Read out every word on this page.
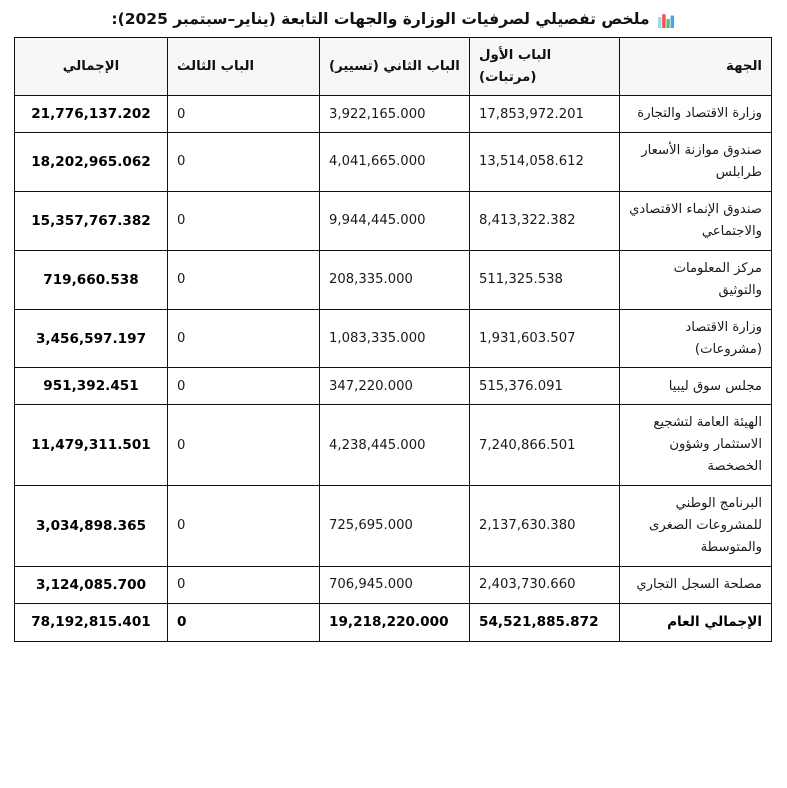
ملخص تفصيلي لصرفيات الوزارة والجهات التابعة (يناير–سبتمبر 2025):
الجهة	الباب الأول (مرتبات)	الباب الثاني (تسيير)	الباب الثالث	الإجمالي
وزارة الاقتصاد والتجارة	17,853,972.201	3,922,165.000	0	21,776,137.202
صندوق موازنة الأسعار طرابلس	13,514,058.612	4,041,665.000	0	18,202,965.062
صندوق الإنماء الاقتصادي والاجتماعي	8,413,322.382	9,944,445.000	0	15,357,767.382
مركز المعلومات والتوثيق	511,325.538	208,335.000	0	719,660.538
وزارة الاقتصاد (مشروعات)	1,931,603.507	1,083,335.000	0	3,456,597.197
مجلس سوق ليبيا	515,376.091	347,220.000	0	951,392.451
الهيئة العامة لتشجيع الاستثمار وشؤون الخصخصة	7,240,866.501	4,238,445.000	0	11,479,311.501
البرنامج الوطني للمشروعات الصغرى والمتوسطة	2,137,630.380	725,695.000	0	3,034,898.365
مصلحة السجل التجاري	2,403,730.660	706,945.000	0	3,124,085.700
الإجمالي العام	54,521,885.872	19,218,220.000	0	78,192,815.401
